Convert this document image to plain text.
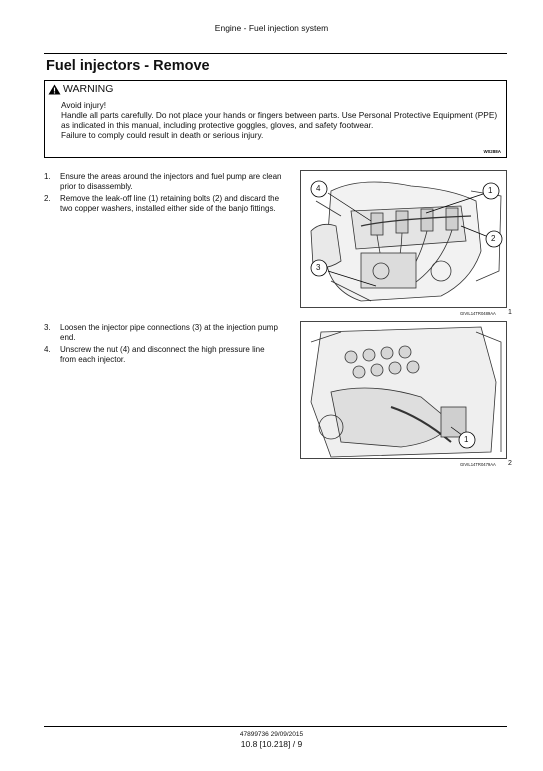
Engine - Fuel injection system
Fuel injectors - Remove
WARNING

Avoid injury!

Handle all parts carefully. Do not place your hands or fingers between parts. Use Personal Protective Equipment (PPE) as indicated in this manual, including protective goggles, gloves, and safety footwear.

Failure to comply could result in death or serious injury.

W0288A
1.	Ensure the areas around the injectors and fuel pump are clean prior to disassembly.
2.	Remove the leak-off line (1) retaining bolts (2) and discard the two copper washers, installed either side of the banjo fittings.
4	1
2
3
GIVIL14TR0489AA 1
3.	Loosen the injector pipe connections (3) at the injection pump end.
4.	Unscrew the nut (4) and disconnect the high pressure line from each injector.
1
GIVIL14TR0479AA 2
47899736 29/09/2015
10.8 [10.218] / 9
